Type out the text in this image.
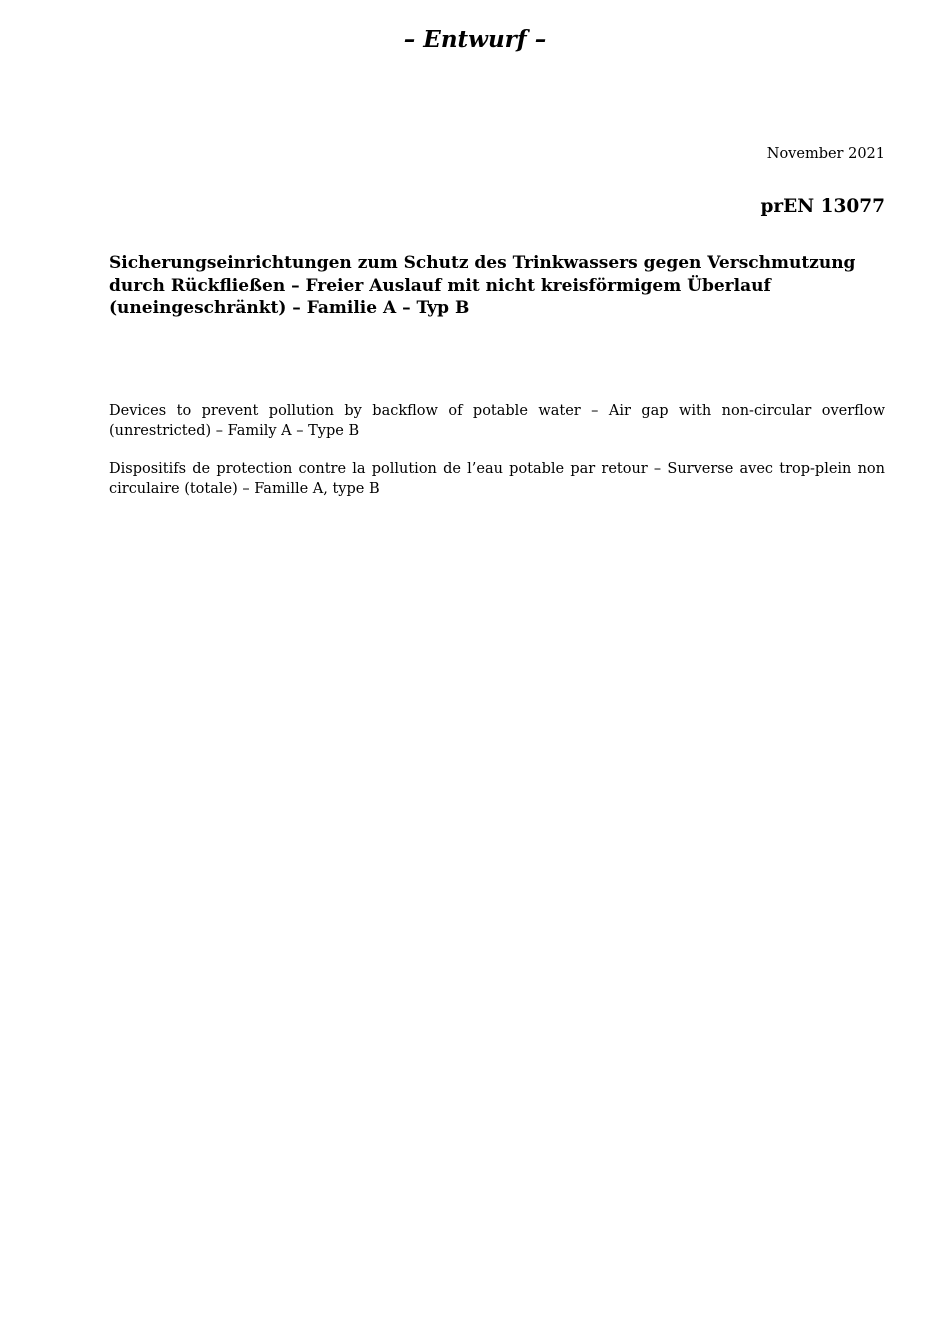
– Entwurf –
November 2021
prEN 13077
Sicherungseinrichtungen zum Schutz des Trinkwassers gegen Verschmutzung durch Rückfließen – Freier Auslauf mit nicht kreisförmigem Überlauf (uneingeschränkt) – Familie A – Typ B
Devices to prevent pollution by backflow of potable water – Air gap with non-circular overflow (unrestricted) – Family A – Type B
Dispositifs de protection contre la pollution de l’eau potable par retour – Surverse avec trop-plein non circulaire (totale) – Famille A, type B
